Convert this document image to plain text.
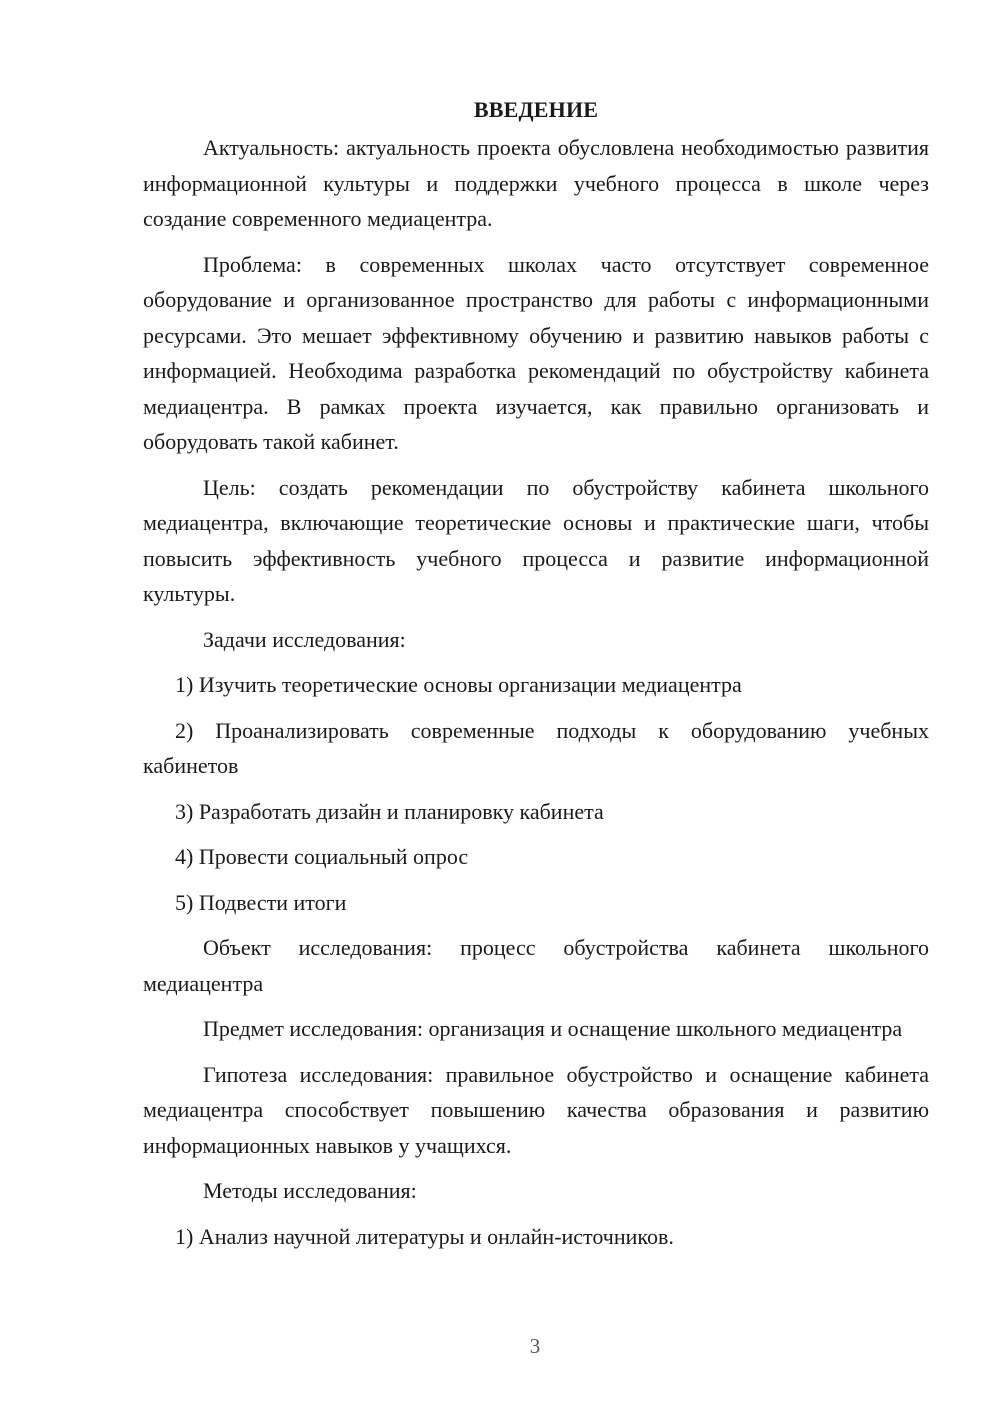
ВВЕДЕНИЕ

Актуальность: актуальность проекта обусловлена необходимостью развития информационной культуры и поддержки учебного процесса в школе через создание современного медиацентра.

Проблема: в современных школах часто отсутствует современное оборудование и организованное пространство для работы с информационными ресурсами. Это мешает эффективному обучению и развитию навыков работы с информацией. Необходима разработка рекомендаций по обустройству кабинета медиацентра. В рамках проекта изучается, как правильно организовать и оборудовать такой кабинет.

Цель: создать рекомендации по обустройству кабинета школьного медиацентра, включающие теоретические основы и практические шаги, чтобы повысить эффективность учебного процесса и развитие информационной культуры.

Задачи исследования:

1) Изучить теоретические основы организации медиацентра

2) Проанализировать современные подходы к оборудованию учебных кабинетов

3) Разработать дизайн и планировку кабинета

4) Провести социальный опрос

5) Подвести итоги

Объект исследования: процесс обустройства кабинета школьного медиацентра

Предмет исследования: организация и оснащение школьного медиацентра

Гипотеза исследования: правильное обустройство и оснащение кабинета медиацентра способствует повышению качества образования и развитию информационных навыков у учащихся.

Методы исследования:

1) Анализ научной литературы и онлайн-источников.

3
